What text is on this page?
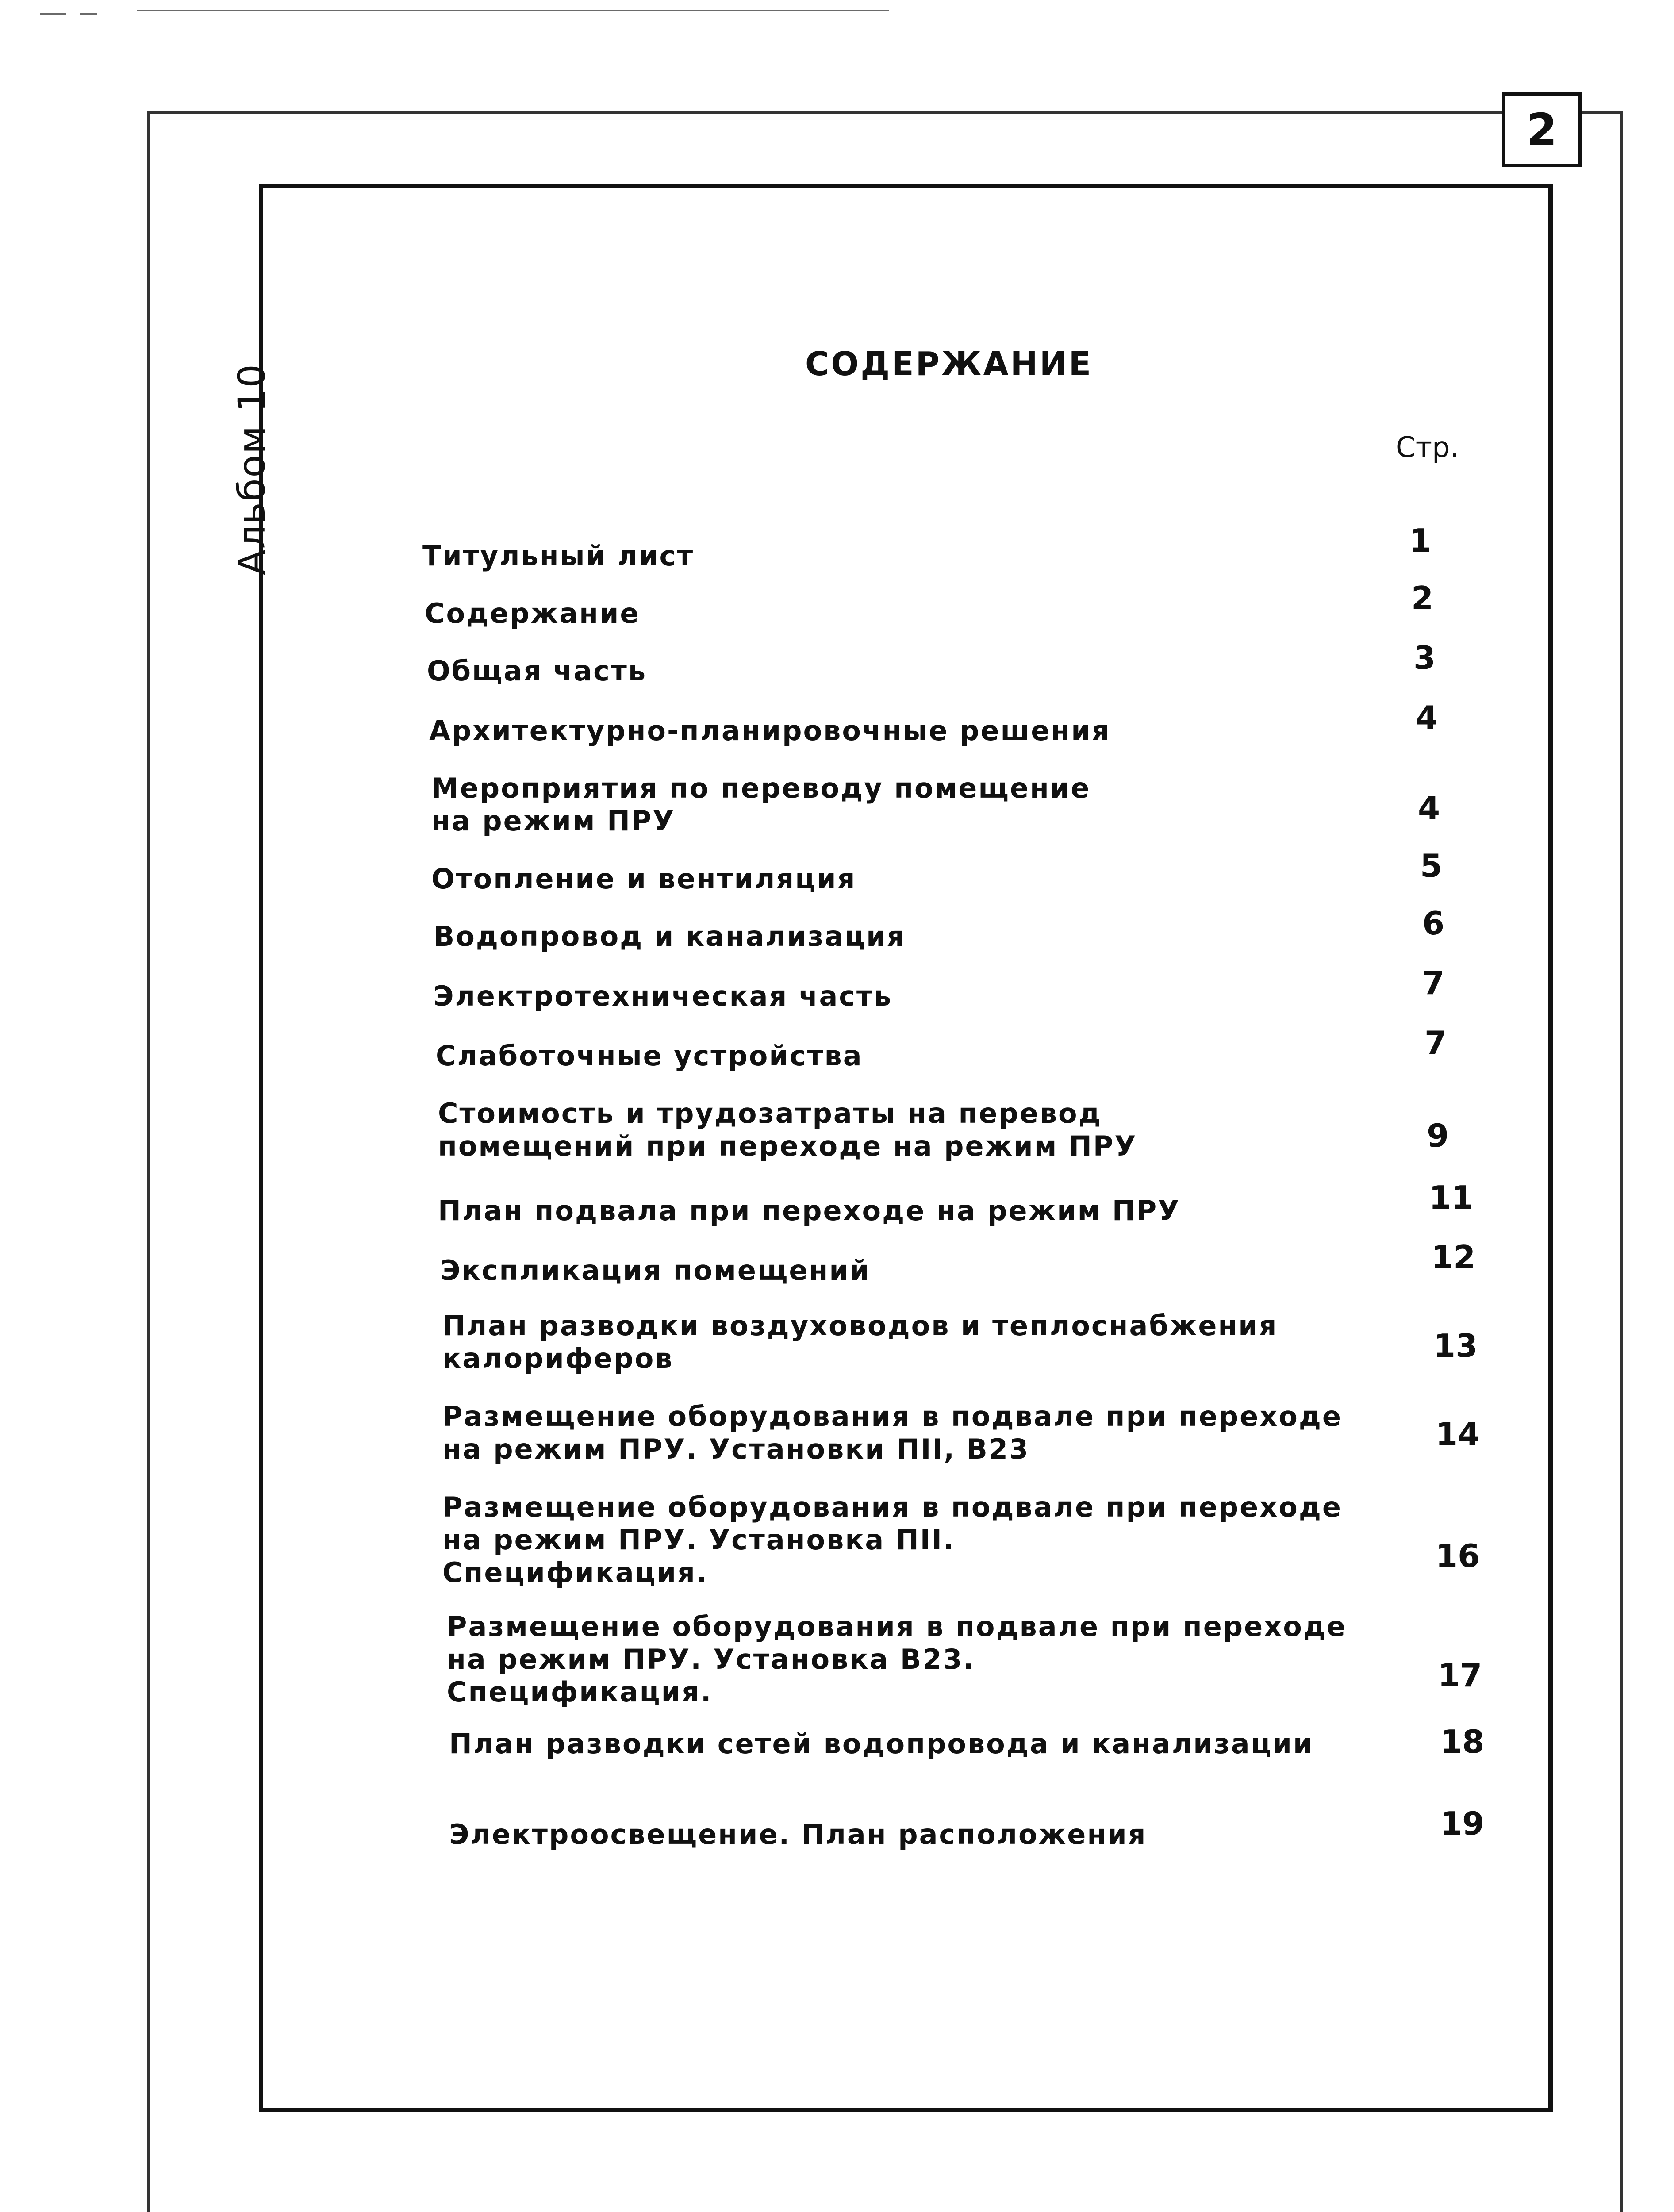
2
Альбом 10	СОДЕРЖАНИЕ
Стр.
Титульный лист	1
Содержание	2
Общая часть	3
Архитектурно-планировочные решения	4
Мероприятия по переводу помещение
на режим ПРУ	4
Отопление и вентиляция	5
Водопровод и канализация	6
Электротехническая часть	7
Слаботочные устройства	7
Стоимость и трудозатраты на перевод
помещений при переходе на режим ПРУ	9
План подвала при переходе на режим ПРУ	11
Экспликация помещений	12
План разводки воздуховодов и теплоснабжения
калориферов	13
Размещение оборудования в подвале при переходе
на режим ПРУ. Установки ПII, В23	14
Размещение оборудования в подвале при переходе
на режим ПРУ. Установка ПII.
Спецификация.	16
Размещение оборудования в подвале при переходе
на режим ПРУ. Установка В23.
Спецификация.	17
План разводки сетей водопровода и канализации	18
Электроосвещение. План расположения	19
